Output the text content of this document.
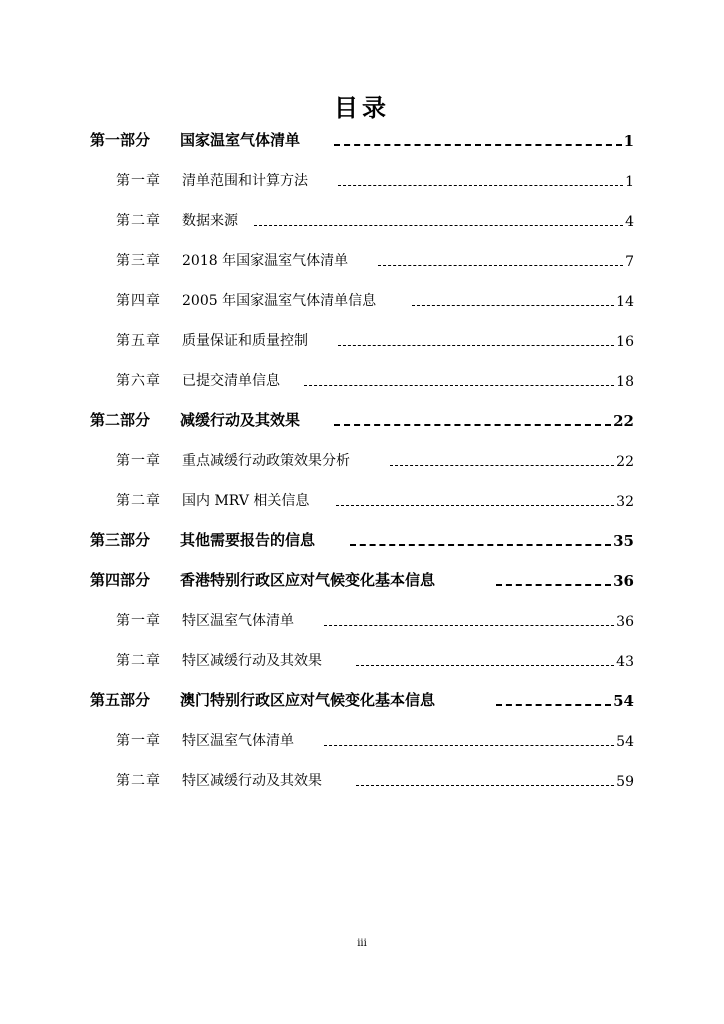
目录
第一部分 国家温室气体清单	1
第一章 清单范围和计算方法	1
第二章 数据来源	4
第三章 2018 年国家温室气体清单	7
第四章 2005 年国家温室气体清单信息	14
第五章 质量保证和质量控制	16
第六章 已提交清单信息	18
第二部分 减缓行动及其效果	22
第一章 重点减缓行动政策效果分析	22
第二章 国内 MRV 相关信息	32
第三部分 其他需要报告的信息	35
第四部分 香港特别行政区应对气候变化基本信息	36
第一章 特区温室气体清单	36
第二章 特区减缓行动及其效果	43
第五部分 澳门特别行政区应对气候变化基本信息	54
第一章 特区温室气体清单	54
第二章 特区减缓行动及其效果	59
iii
